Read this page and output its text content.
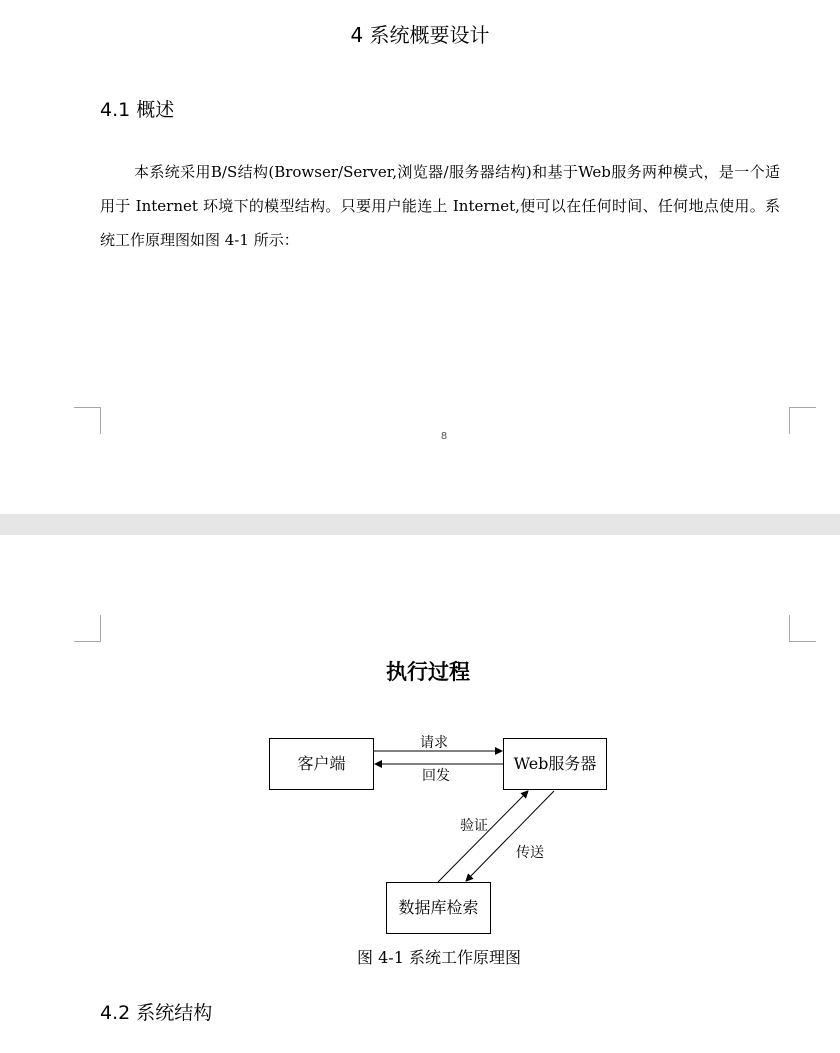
4 系统概要设计
4.1 概述

本系统采用B/S结构(Browser/Server,浏览器/服务器结构)和基于Web服务两种模式，是一个适用于 Internet 环境下的模型结构。只要用户能连上 Internet,便可以在任何时间、任何地点使用。系统工作原理图如图 4-1 所示：

8
执行过程
客户端	Web服务器
数据库检索
请求
回发
验证
传送

图 4-1 系统工作原理图

4.2 系统结构
